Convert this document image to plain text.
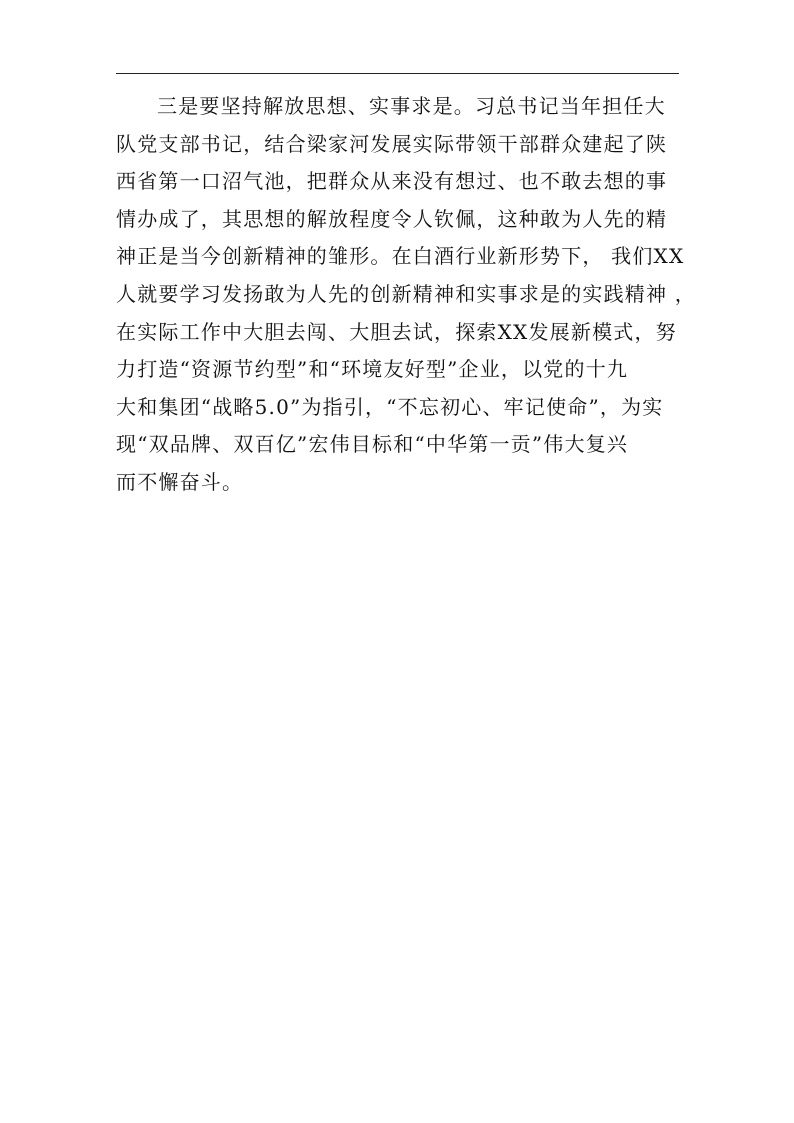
三是要坚持解放思想、实事求是。习总书记当年担任大
队党支部书记，结合梁家河发展实际带领干部群众建起了陕
西省第一口沼气池，把群众从来没有想过、也不敢去想的事
情办成了，其思想的解放程度令人钦佩，这种敢为人先的精
神正是当今创新精神的雏形。在白酒行业新形势下， 我们XX
人就要学习发扬敢为人先的创新精神和实事求是的实践精神 ，
在实际工作中大胆去闯、大胆去试，探索XX发展新模式，努
力打造“资源节约型”和“环境友好型”企业，以党的十九
大和集团“战略5.0”为指引，“不忘初心、牢记使命”，为实
现“双品牌、双百亿”宏伟目标和“中华第一贡”伟大复兴
而不懈奋斗。
